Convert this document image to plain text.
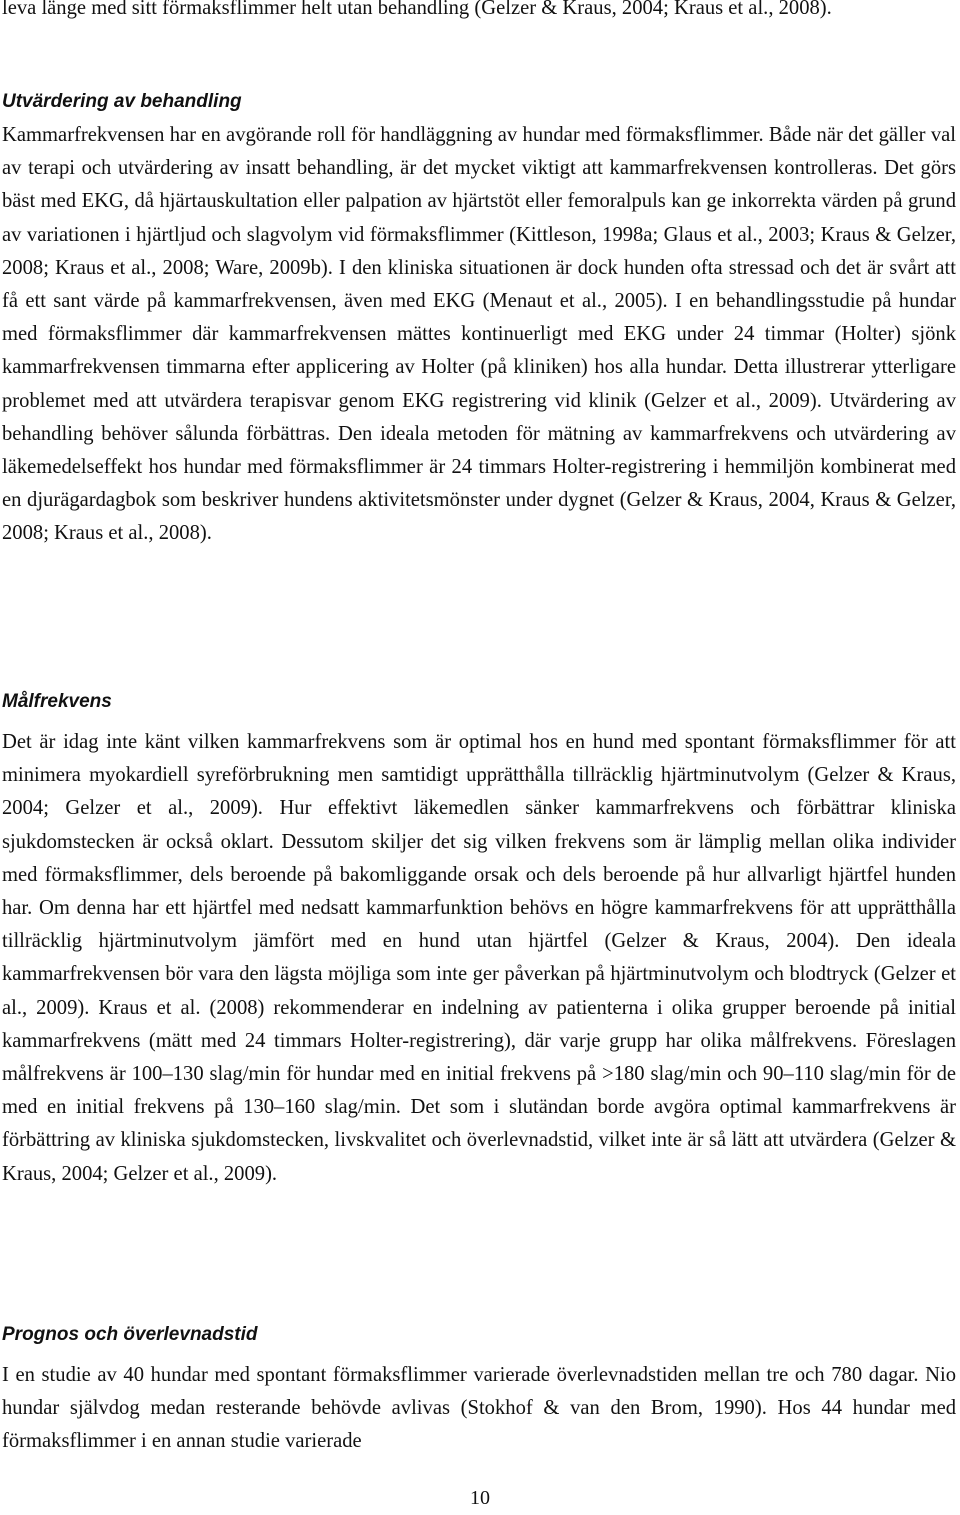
leva länge med sitt förmaksflimmer helt utan behandling (Gelzer & Kraus, 2004; Kraus et al., 2008).

Utvärdering av behandling

Kammarfrekvensen har en avgörande roll för handläggning av hundar med förmaksflimmer. Både när det gäller val av terapi och utvärdering av insatt behandling, är det mycket viktigt att kammarfrekvensen kontrolleras. Det görs bäst med EKG, då hjärtauskultation eller palpation av hjärtstöt eller femoralpuls kan ge inkorrekta värden på grund av variationen i hjärtljud och slagvolym vid förmaksflimmer (Kittleson, 1998a; Glaus et al., 2003; Kraus & Gelzer, 2008; Kraus et al., 2008; Ware, 2009b). I den kliniska situationen är dock hunden ofta stressad och det är svårt att få ett sant värde på kammarfrekvensen, även med EKG (Menaut et al., 2005). I en behandlingsstudie på hundar med förmaksflimmer där kammarfrekvensen mättes kontinuerligt med EKG under 24 timmar (Holter) sjönk kammarfrekvensen timmarna efter applicering av Holter (på kliniken) hos alla hundar. Detta illustrerar ytterligare problemet med att utvärdera terapisvar genom EKG registrering vid klinik (Gelzer et al., 2009). Utvärdering av behandling behöver sålunda förbättras. Den ideala metoden för mätning av kammarfrekvens och utvärdering av läkemedelseffekt hos hundar med förmaksflimmer är 24 timmars Holter-registrering i hemmiljön kombinerat med en djurägardagbok som beskriver hundens aktivitetsmönster under dygnet (Gelzer & Kraus, 2004, Kraus & Gelzer, 2008; Kraus et al., 2008).

Målfrekvens

Det är idag inte känt vilken kammarfrekvens som är optimal hos en hund med spontant förmaksflimmer för att minimera myokardiell syreförbrukning men samtidigt upprätthålla tillräcklig hjärtminutvolym (Gelzer & Kraus, 2004; Gelzer et al., 2009). Hur effektivt läkemedlen sänker kammarfrekvens och förbättrar kliniska sjukdomstecken är också oklart. Dessutom skiljer det sig vilken frekvens som är lämplig mellan olika individer med förmaksflimmer, dels beroende på bakomliggande orsak och dels beroende på hur allvarligt hjärtfel hunden har. Om denna har ett hjärtfel med nedsatt kammarfunktion behövs en högre kammarfrekvens för att upprätthålla tillräcklig hjärtminutvolym jämfört med en hund utan hjärtfel (Gelzer & Kraus, 2004). Den ideala kammarfrekvensen bör vara den lägsta möjliga som inte ger påverkan på hjärtminutvolym och blodtryck (Gelzer et al., 2009). Kraus et al. (2008) rekommenderar en indelning av patienterna i olika grupper beroende på initial kammarfrekvens (mätt med 24 timmars Holter-registrering), där varje grupp har olika målfrekvens. Föreslagen målfrekvens är 100–130 slag/min för hundar med en initial frekvens på >180 slag/min och 90–110 slag/min för de med en initial frekvens på 130–160 slag/min. Det som i slutändan borde avgöra optimal kammarfrekvens är förbättring av kliniska sjukdomstecken, livskvalitet och överlevnadstid, vilket inte är så lätt att utvärdera (Gelzer & Kraus, 2004; Gelzer et al., 2009).

Prognos och överlevnadstid

I en studie av 40 hundar med spontant förmaksflimmer varierade överlevnadstiden mellan tre och 780 dagar. Nio hundar självdog medan resterande behövde avlivas (Stokhof & van den Brom, 1990). Hos 44 hundar med förmaksflimmer i en annan studie varierade

10
